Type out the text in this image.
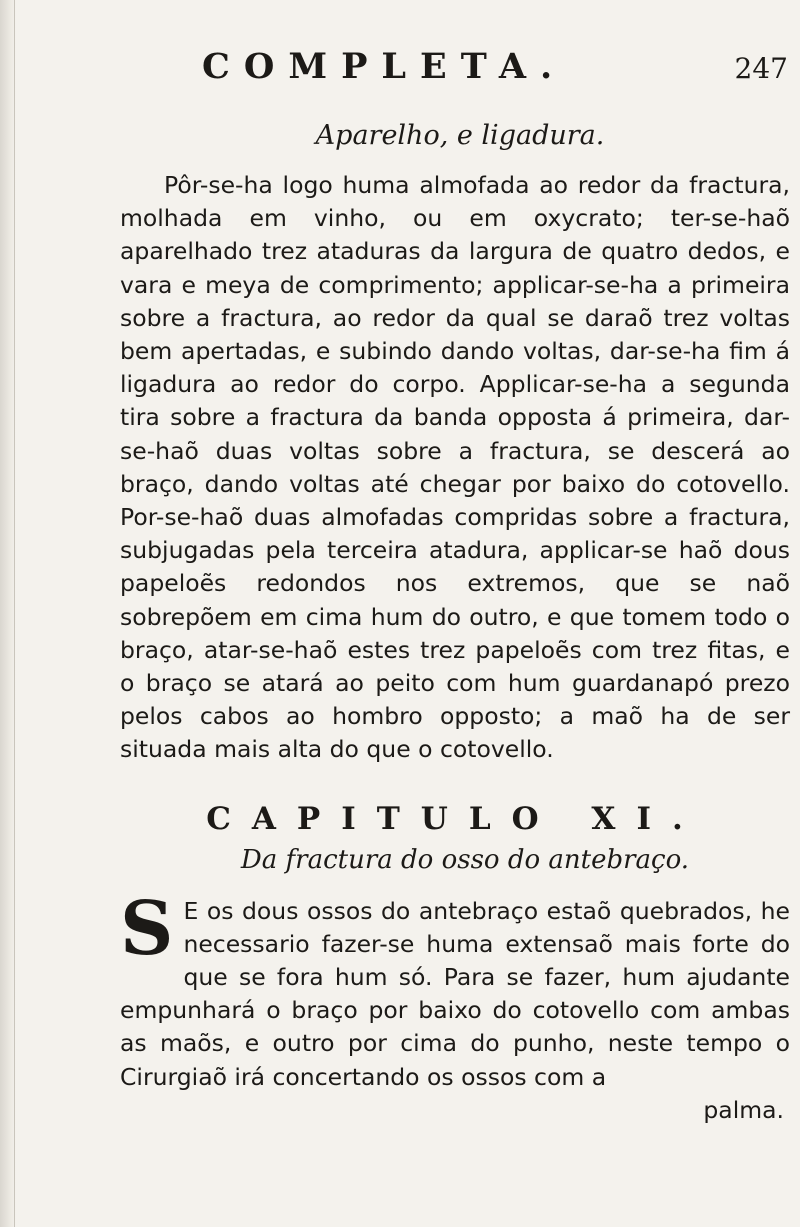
COMPLETA.	247
Aparelho, e ligadura.

Pôr-se-ha logo huma almofada ao redor da fractura, molhada em vinho, ou em oxycrato; ter-se-haõ aparelhado trez ataduras da largura de quatro dedos, e vara e meya de comprimento; applicar-se-ha a primeira sobre a fractura, ao redor da qual se daraõ trez voltas bem apertadas, e subindo dando voltas, dar-se-ha fim á ligadura ao redor do corpo. Applicar-se-ha a segunda tira sobre a fractura da banda opposta á primeira, dar-se-haõ duas voltas sobre a fractura, se descerá ao braço, dando voltas até chegar por baixo do cotovello. Por-se-haõ duas almofadas compridas sobre a fractura, subjugadas pela terceira atadura, applicar-se haõ dous papeloẽs redondos nos extremos, que se naõ sobrepõem em cima hum do outro, e que tomem todo o braço, atar-se-haõ estes trez papeloẽs com trez fitas, e o braço se atará ao peito com hum guardanapó prezo pelos cabos ao hombro opposto; a maõ ha de ser situada mais alta do que o cotovello.

CAPITULO XI.
Da fractura do osso do antebraço.
S E os dous ossos do antebraço estaõ quebrados, he necessario fazer-se huma extensaõ mais forte do que se fora hum só. Para se fazer, hum ajudante empunhará o braço por baixo do cotovello com ambas as maõs, e outro por cima do punho, neste tempo o Cirurgiaõ irá concertando os ossos com a

palma.
